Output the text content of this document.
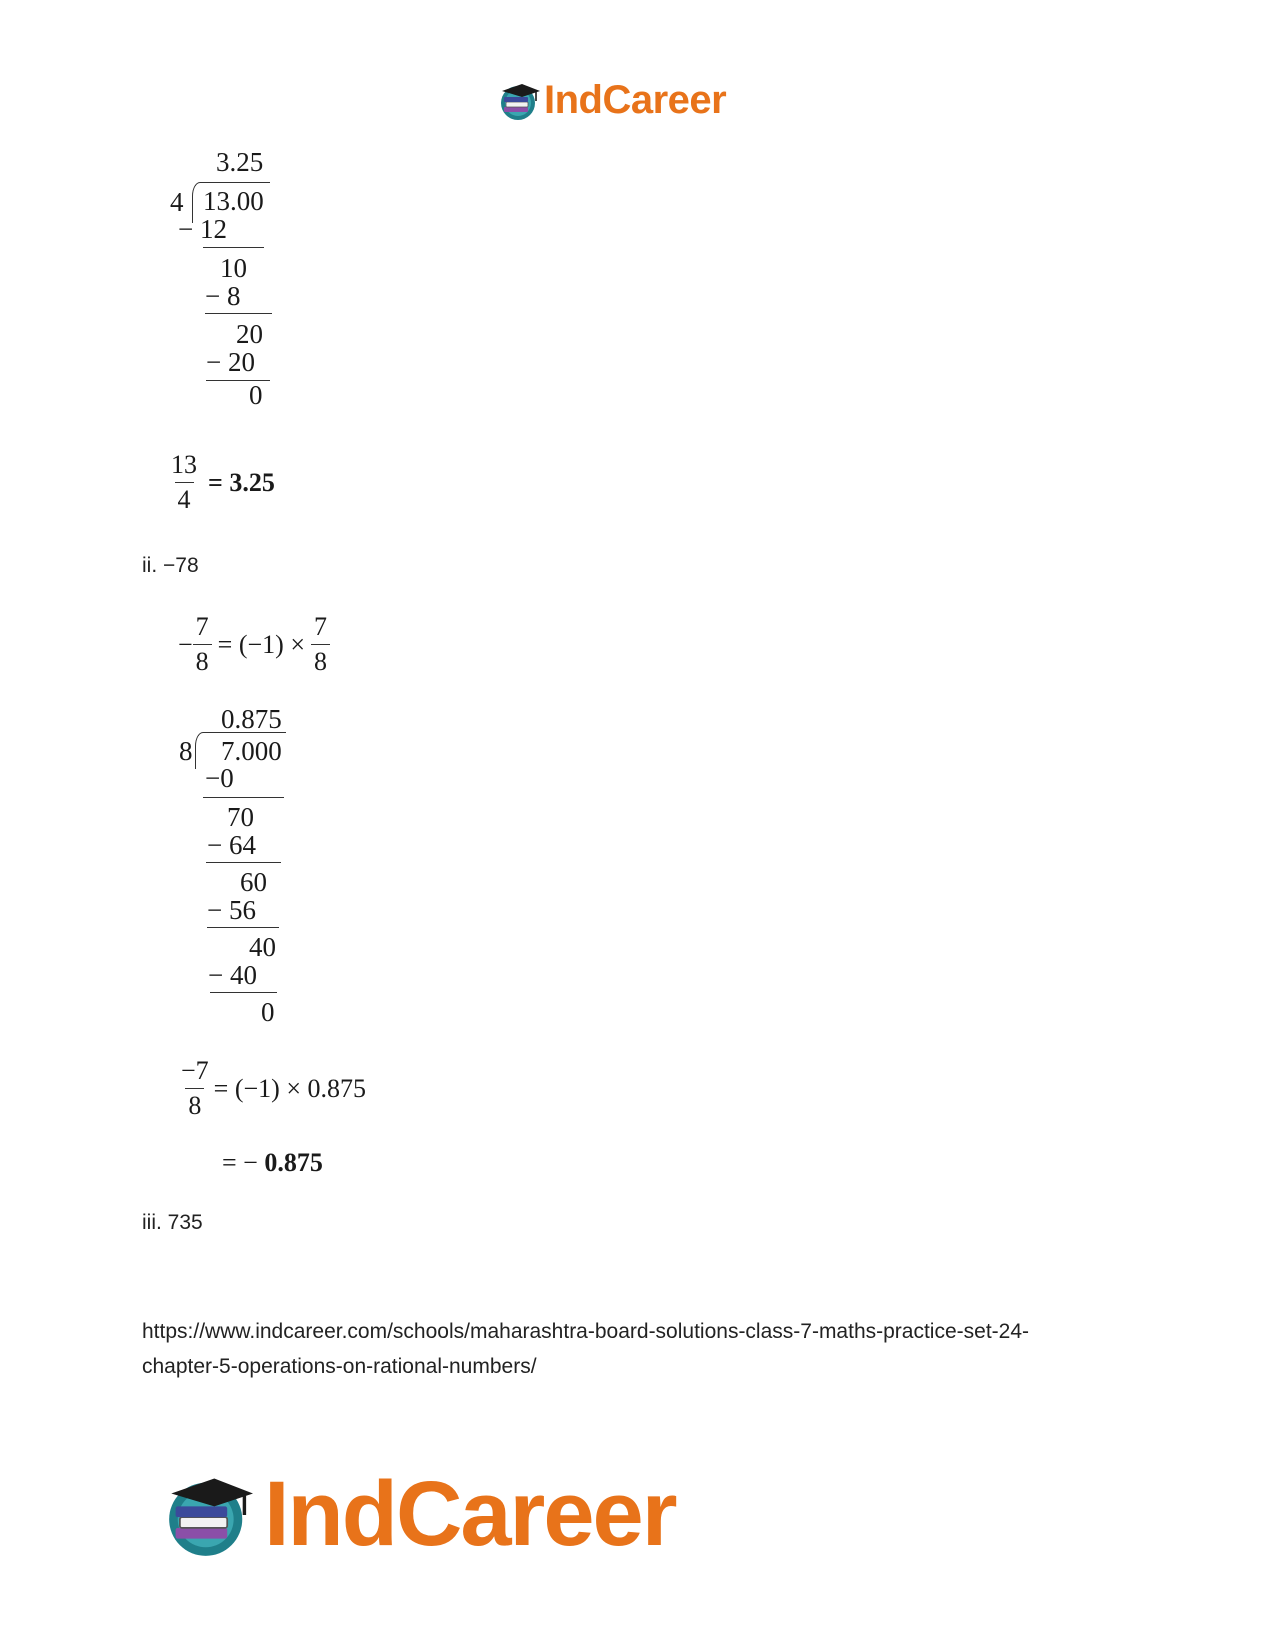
IndCareer
3.25
4 13.00
− 12
10
− 8
20
− 20
0
$\frac{13}{4} = 3.25$
ii. −78
− $\frac{7}{8} = (-1) \times \frac{7}{8}$
0.875
8 7.000
−0
70
− 64
60
− 56
40
− 40
0
$\frac{-7}{8} = (-1) \times 0.875$
= − 0.875
iii. 735
https://www.indcareer.com/schools/maharashtra-board-solutions-class-7-maths-practice-set-24-chapter-5-operations-on-rational-numbers/
IndCareer
